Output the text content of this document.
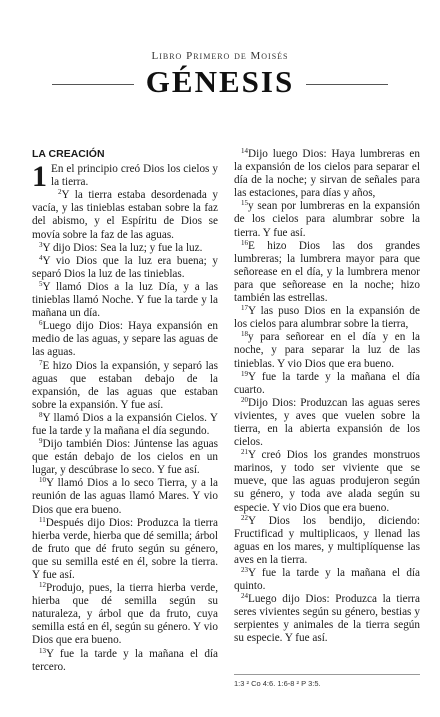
Libro Primero de Moisés
GÉNESIS
LA CREACIÓN

1 En el principio creó Dios los cielos y la tierra.

$^2$Y la tierra estaba desordenada y vacía, y las tinieblas estaban sobre la faz del abismo, y el Espíritu de Dios se movía sobre la faz de las aguas.

$^3$Y dijo Dios: Sea la luz; y fue la luz.

$^4$Y vio Dios que la luz era buena; y separó Dios la luz de las tinieblas.

$^5$Y llamó Dios a la luz Día, y a las tinieblas llamó Noche. Y fue la tarde y la mañana un día.

$^6$Luego dijo Dios: Haya expansión en medio de las aguas, y separe las aguas de las aguas.

$^7$E hizo Dios la expansión, y separó las aguas que estaban debajo de la expansión, de las aguas que estaban sobre la expansión. Y fue así.

$^8$Y llamó Dios a la expansión Cielos. Y fue la tarde y la mañana el día segundo.

$^9$Dijo también Dios: Júntense las aguas que están debajo de los cielos en un lugar, y descúbrase lo seco. Y fue así.

$^{10}$Y llamó Dios a lo seco Tierra, y a la reunión de las aguas llamó Mares. Y vio Dios que era bueno.

$^{11}$Después dijo Dios: Produzca la tierra hierba verde, hierba que dé semilla; árbol de fruto que dé fruto según su género, que su semilla esté en él, sobre la tierra. Y fue así.

$^{12}$Produjo, pues, la tierra hierba verde, hierba que dé semilla según su naturaleza, y árbol que da fruto, cuya semilla está en él, según su género. Y vio Dios que era bueno.

$^{13}$Y fue la tarde y la mañana el día tercero.

$^{14}$Dijo luego Dios: Haya lumbreras en la expansión de los cielos para separar el día de la noche; y sirvan de señales para las estaciones, para días y años,

$^{15}$y sean por lumbreras en la expansión de los cielos para alumbrar sobre la tierra. Y fue así.

$^{16}$E hizo Dios las dos grandes lumbreras; la lumbrera mayor para que señorease en el día, y la lumbrera menor para que señorease en la noche; hizo también las estrellas.

$^{17}$Y las puso Dios en la expansión de los cielos para alumbrar sobre la tierra,

$^{18}$y para señorear en el día y en la noche, y para separar la luz de las tinieblas. Y vio Dios que era bueno.

$^{19}$Y fue la tarde y la mañana el día cuarto.

$^{20}$Dijo Dios: Produzcan las aguas seres vivientes, y aves que vuelen sobre la tierra, en la abierta expansión de los cielos.

$^{21}$Y creó Dios los grandes monstruos marinos, y todo ser viviente que se mueve, que las aguas produjeron según su género, y toda ave alada según su especie. Y vio Dios que era bueno.

$^{22}$Y Dios los bendijo, diciendo: Fructificad y multiplicaos, y llenad las aguas en los mares, y multiplíquense las aves en la tierra.

$^{23}$Y fue la tarde y la mañana el día quinto.

$^{24}$Luego dijo Dios: Produzca la tierra seres vivientes según su género, bestias y serpientes y animales de la tierra según su especie. Y fue así.

1:3 ² Co 4:6. 1:6-8 ² P 3:5.
